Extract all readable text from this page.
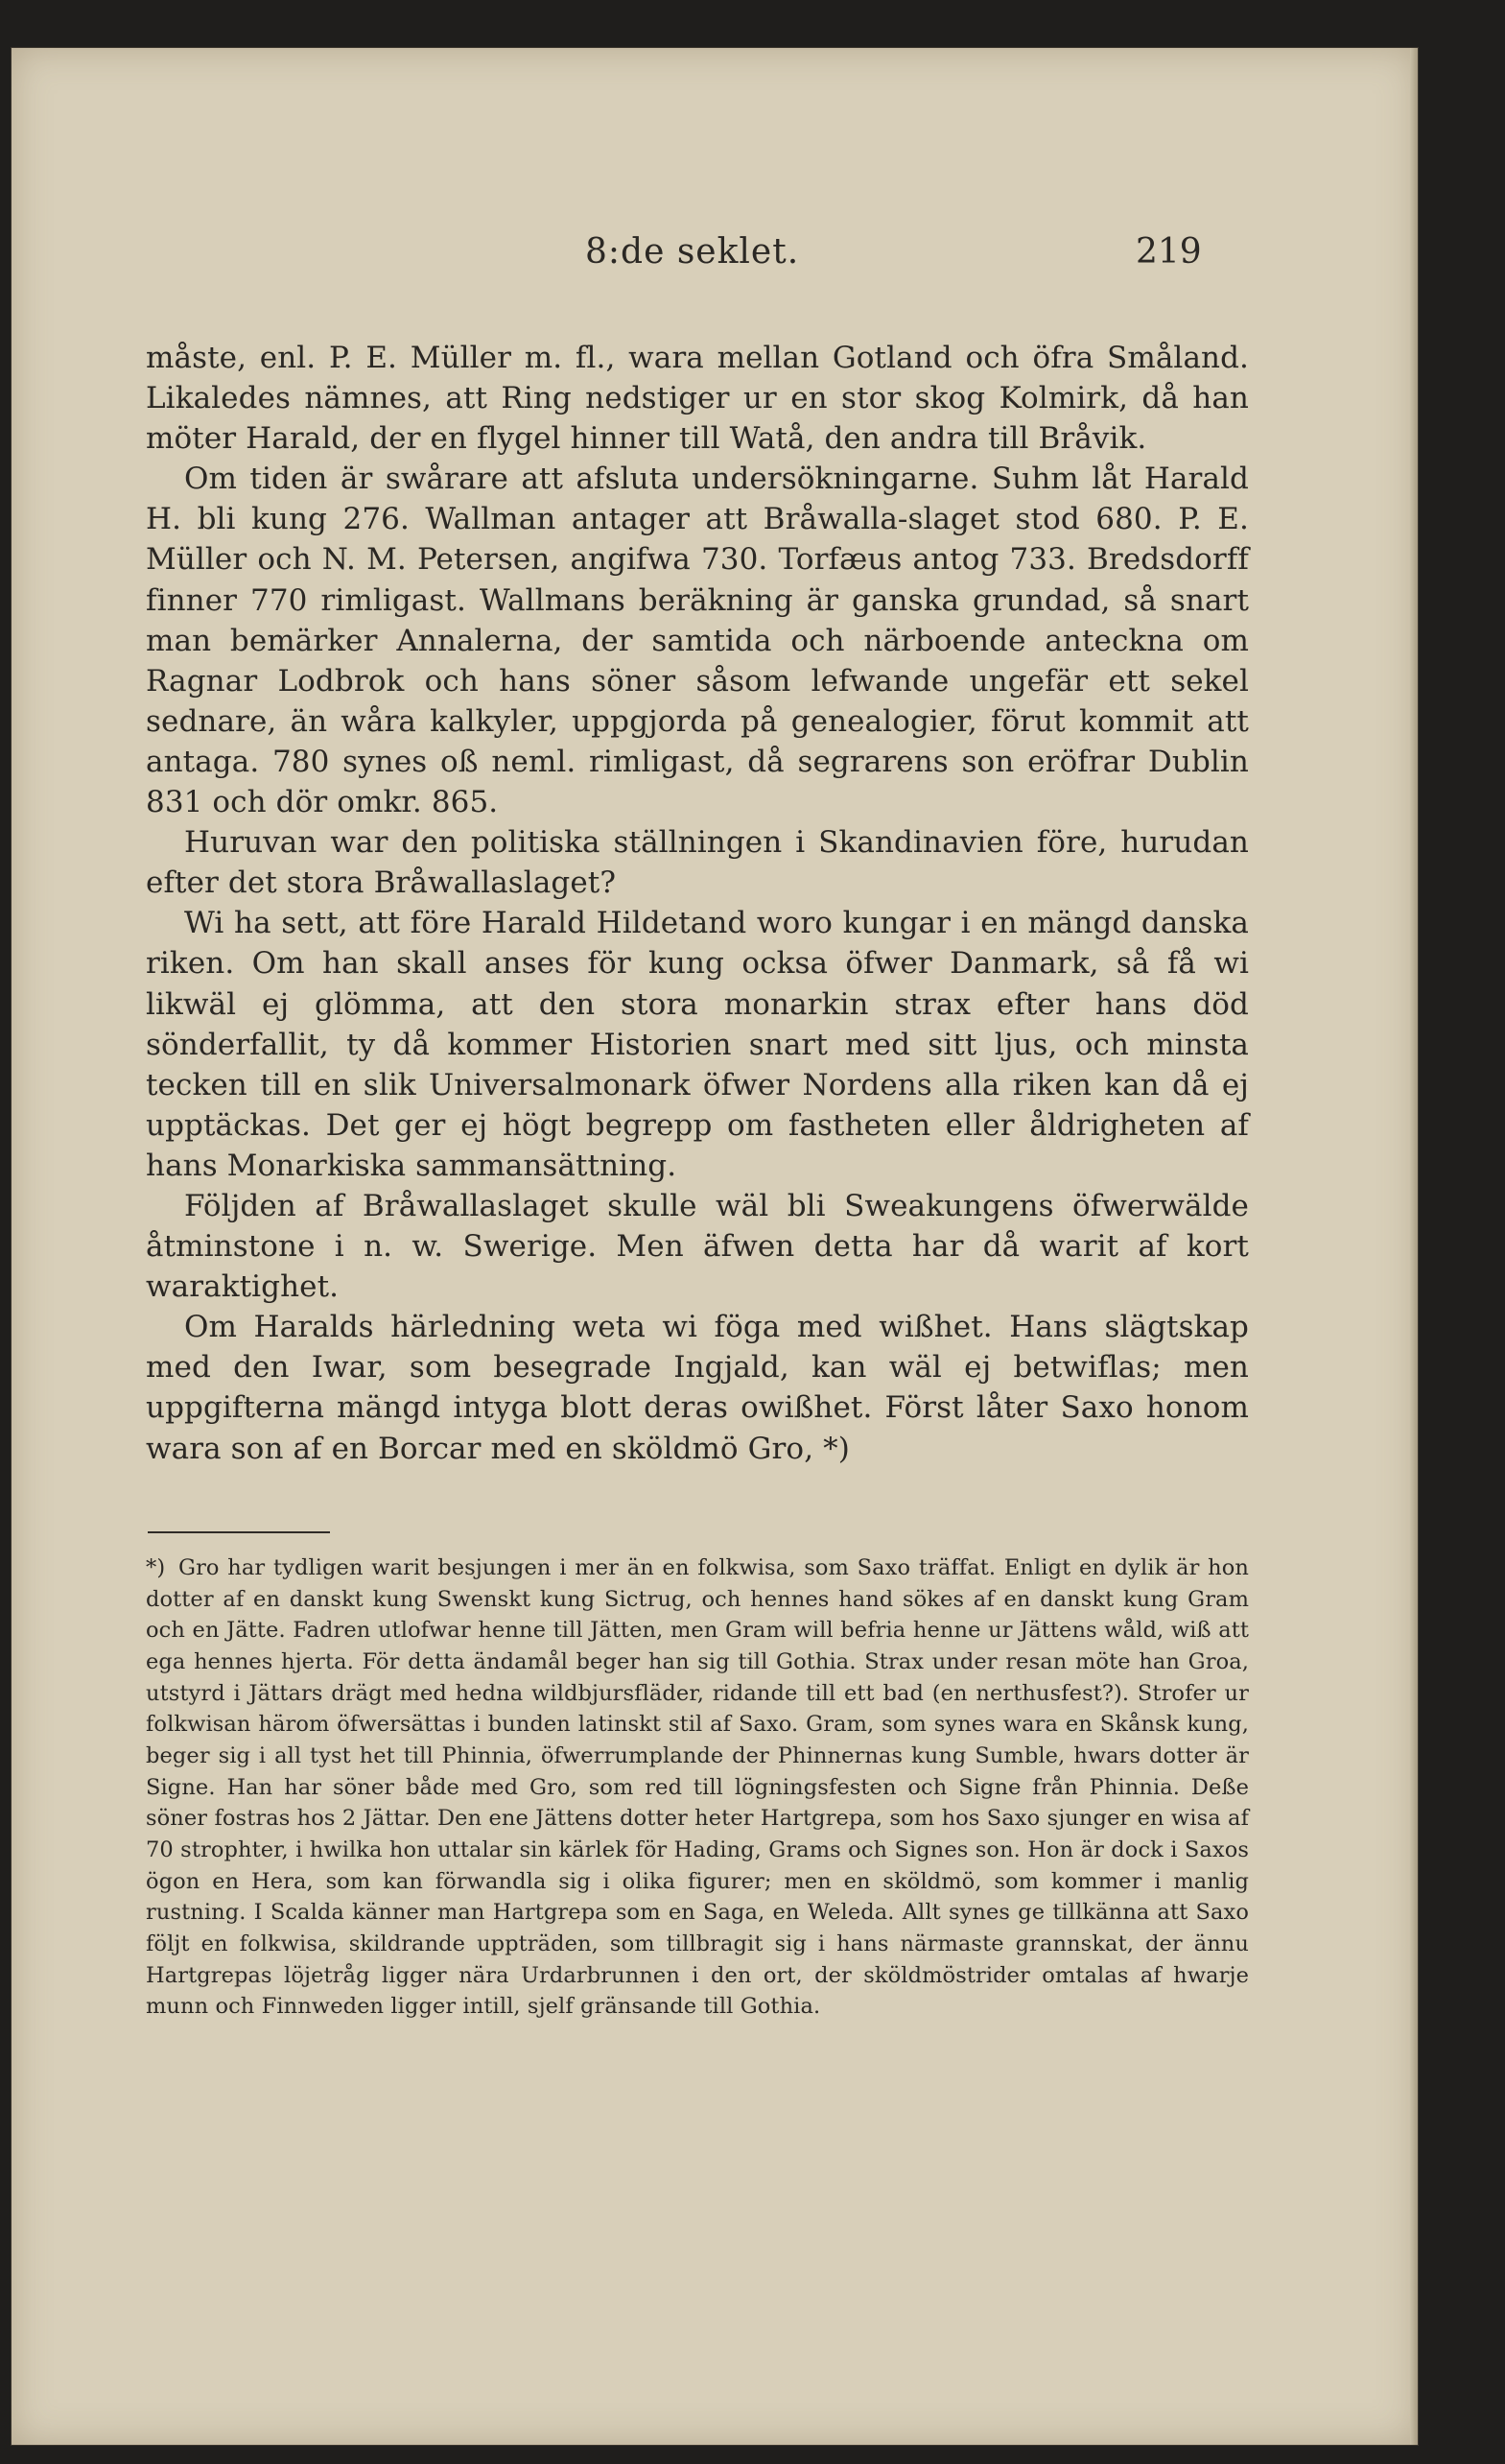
8:de seklet.	219

måste, enl. P. E. Müller m. fl., wara mellan Gotland och öfra Småland. Likaledes nämnes, att Ring nedstiger ur en stor skog Kolmirk, då han möter Harald, der en flygel hinner till Watå, den andra till Bråvik.

Om tiden är swårare att afsluta undersökningarne. Suhm låt Harald H. bli kung 276. Wallman antager att Bråwalla-slaget stod 680. P. E. Müller och N. M. Petersen, angifwa 730. Torfæus antog 733. Bredsdorff finner 770 rimligast. Wallmans beräkning är ganska grundad, så snart man bemärker Annalerna, der samtida och närboende antecknа om Ragnar Lodbrok och hans söner såsom lefwande ungefär ett sekel sednare, än wåra kalkyler, uppgjorda på genealogier, förut kommit att antaga. 780 synes oß neml. rimligast, då segrarens son eröfrar Dublin 831 och dör omkr. 865.

Huruvan war den politiska ställningen i Skandinavien före, hurudan efter det stora Bråwallaslaget?

Wi ha sett, att före Harald Hildetand woro kungar i en mängd danska riken. Om han skall anses för kung ocksa öfwer Danmark, så få wi likwäl ej glömma, att den stora monarkin strax efter hans död sönderfallit, ty då kommer Historien snart med sitt ljus, och minsta tecken till en slik Universalmonark öfwer Nordens alla riken kan då ej upptäckas. Det ger ej högt begrepp om fastheten eller åldrigheten af hans Monarkiska sammansättning.

Följden af Bråwallaslaget skulle wäl bli Sweakungens öfwerwälde åtminstone i n. w. Swerige. Men äfwen detta har då warit af kort waraktighet.

Om Haralds härledning weta wi föga med wißhet. Hans slägtskap med den Iwar, som besegrade Ingjald, kan wäl ej betwiflas; men uppgifterna mängd intyga blott deras owißhet. Först låter Saxo honom wara son af en Borcar med en sköldmö Gro, *)

*) Gro har tydligen warit besjungen i mer än en folkwisa, som Saxo träffat. Enligt en dylik är hon dotter af en danskt kung Swenskt kung Sictrug, och hennes hand sökes af en danskt kung Gram och en Jätte. Fadren utlofwar henne till Jätten, men Gram will befria henne ur Jättens wåld, wiß att ega hennes hjerta. För detta ändamål beger han sig till Gothia. Strax under resan möte han Groa, utstyrd i Jättars drägt med hedna wildbjursfläder, ridande till ett bad (en nerthusfest?). Strofer ur folkwisan härom öfwersättas i bunden latinskt stil af Saxo. Gram, som synes wara en Skånsk kung, beger sig i all tyst het till Phinnia, öfwerrumplande der Phinnernas kung Sumble, hwars dotter är Signe. Han har söner både med Gro, som red till lögningsfesten och Signe från Phinnia. Deße söner fostras hos 2 Jättar. Den ene Jättens dotter heter Hartgrepa, som hos Saxo sjunger en wisa af 70 strophter, i hwilka hon uttalar sin kärlek för Hading, Grams och Signes son. Hon är dock i Saxos ögon en Hera, som kan förwandla sig i olika figurer; men en sköldmö, som kommer i manlig rustning. I Scalda känner man Hartgrepa som en Saga, en Weleda. Allt synes ge tillkänna att Saxo följt en folkwisa, skildrande uppträden, som tillbragit sig i hans närmaste grannskat, der ännu Hartgrepas löjetråg ligger nära Urdarbrunnen i den ort, der sköldmöstrider omtalas af hwarje munn och Finnweden ligger intill, sjelf gränsande till Gothia.
